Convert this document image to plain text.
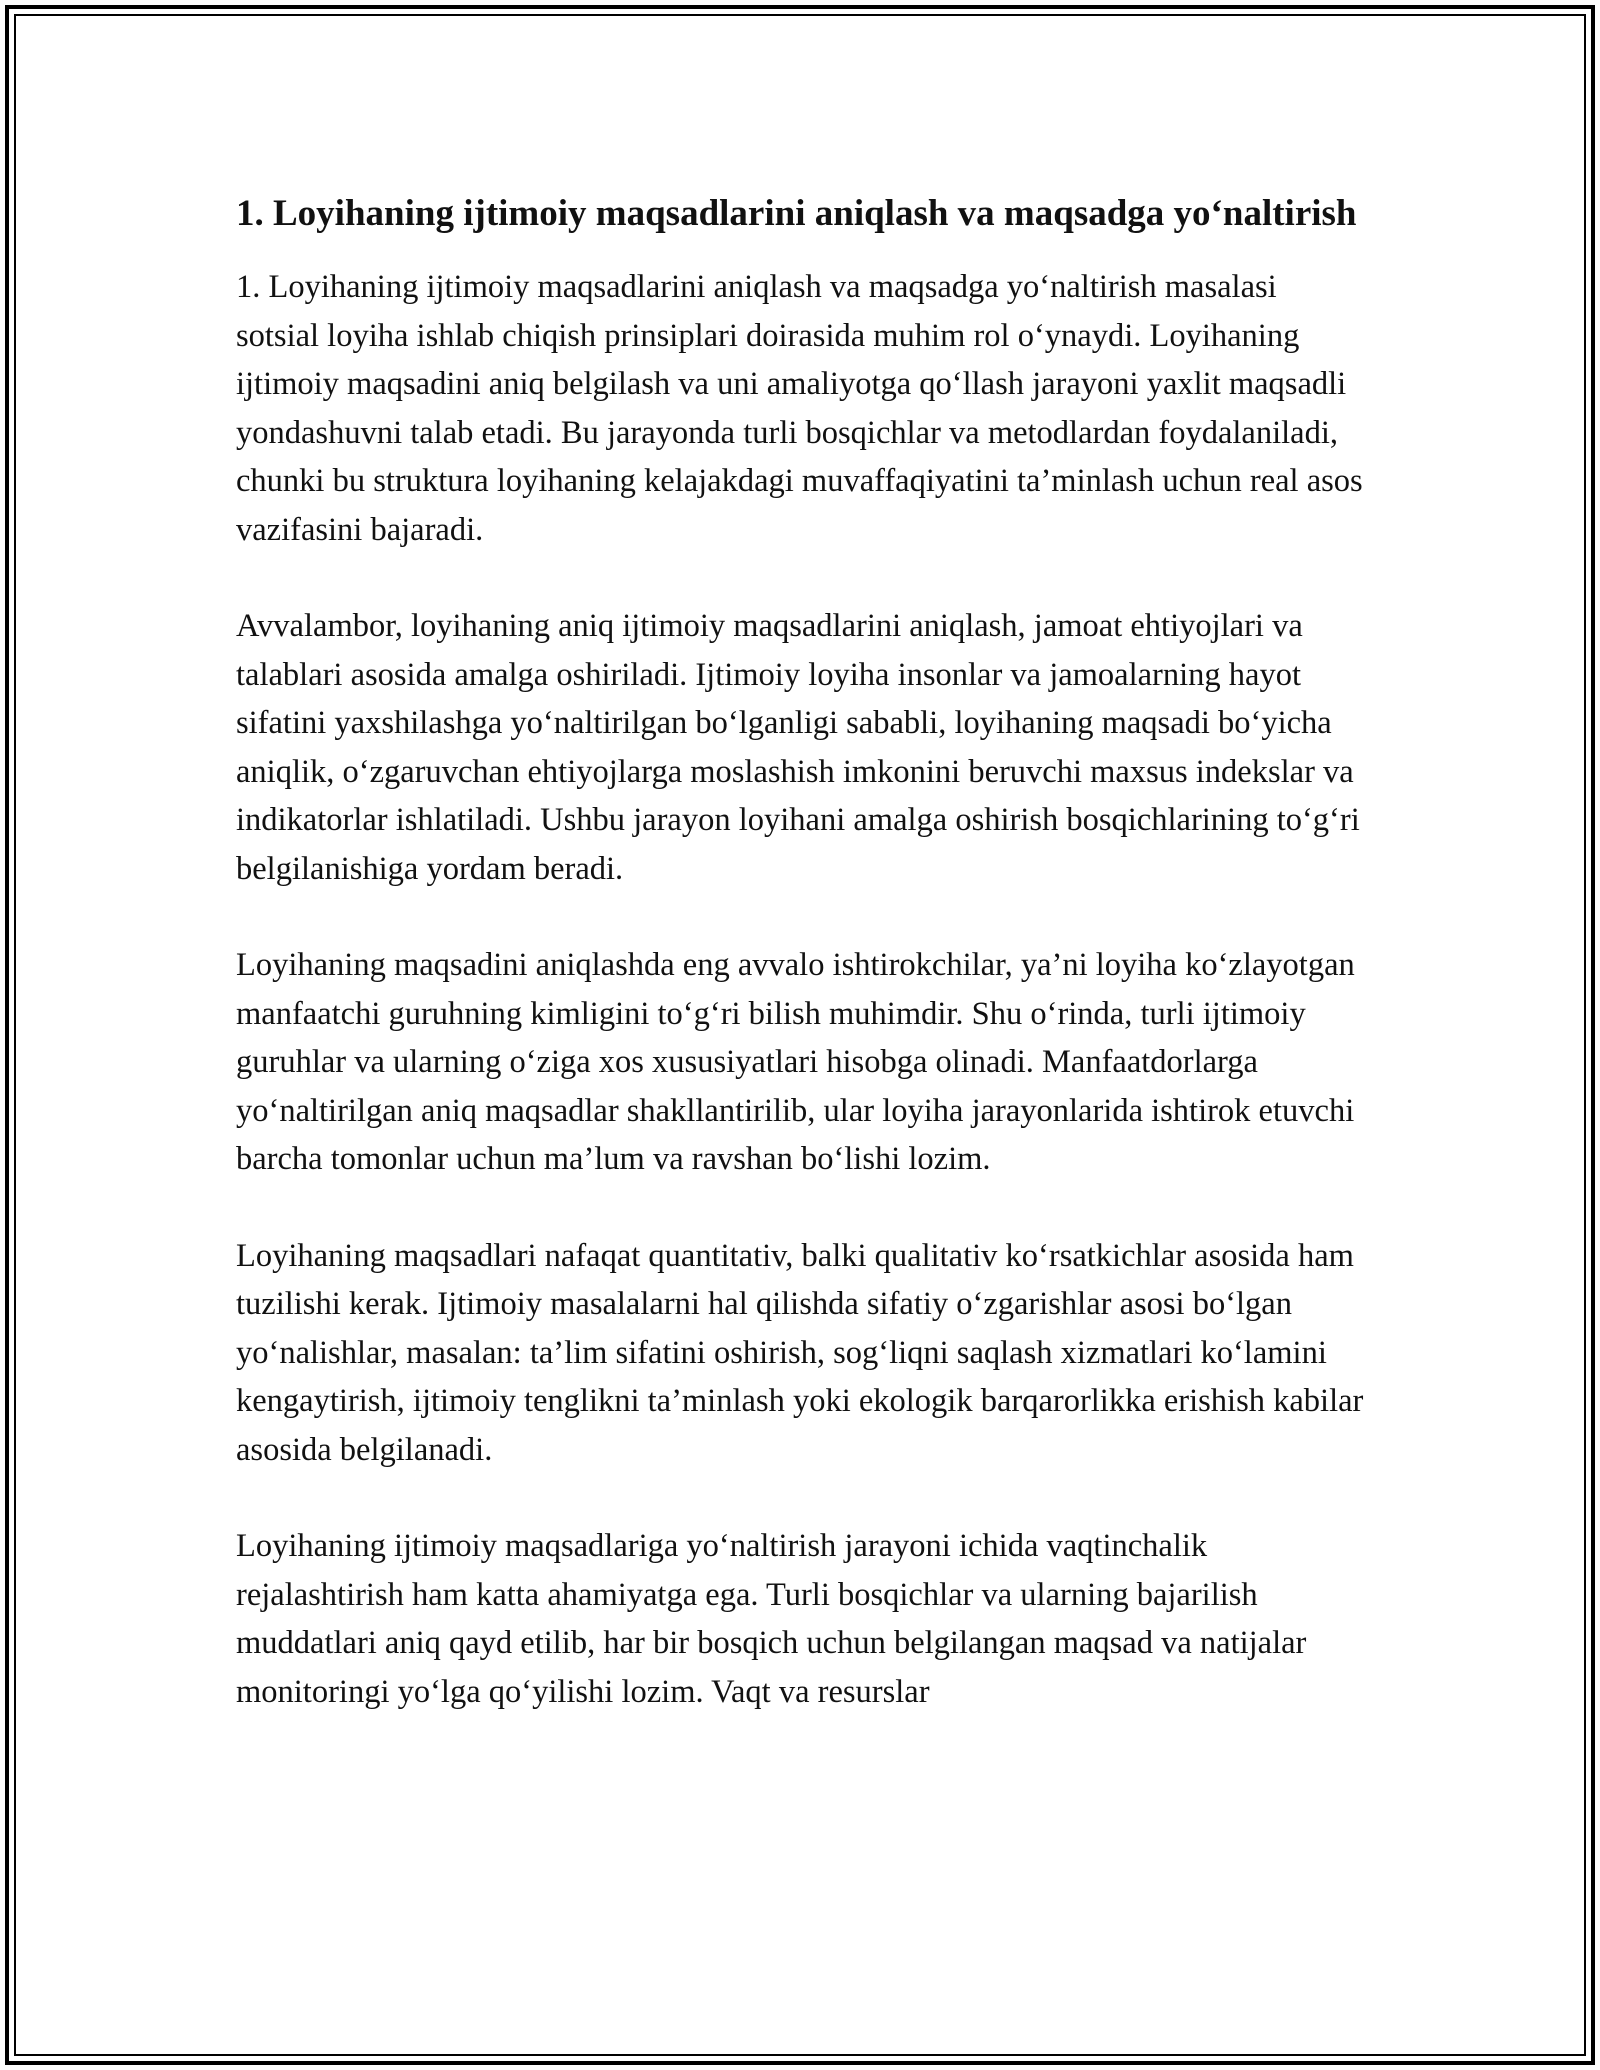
1. Loyihaning ijtimoiy maqsadlarini aniqlash va maqsadga yo‘naltirish

1. Loyihaning ijtimoiy maqsadlarini aniqlash va maqsadga yo‘naltirish masalasi sotsial loyiha ishlab chiqish prinsiplari doirasida muhim rol o‘ynaydi. Loyihaning ijtimoiy maqsadini aniq belgilash va uni amaliyotga qo‘llash jarayoni yaxlit maqsadli yondashuvni talab etadi. Bu jarayonda turli bosqichlar va metodlardan foydalaniladi, chunki bu struktura loyihaning kelajakdagi muvaffaqiyatini ta’minlash uchun real asos vazifasini bajaradi.

Avvalambor, loyihaning aniq ijtimoiy maqsadlarini aniqlash, jamoat ehtiyojlari va talablari asosida amalga oshiriladi. Ijtimoiy loyiha insonlar va jamoalarning hayot sifatini yaxshilashga yo‘naltirilgan bo‘lganligi sababli, loyihaning maqsadi bo‘yicha aniqlik, o‘zgaruvchan ehtiyojlarga moslashish imkonini beruvchi maxsus indekslar va indikatorlar ishlatiladi. Ushbu jarayon loyihani amalga oshirish bosqichlarining to‘g‘ri belgilanishiga yordam beradi.

Loyihaning maqsadini aniqlashda eng avvalo ishtirokchilar, ya’ni loyiha ko‘zlayotgan manfaatchi guruhning kimligini to‘g‘ri bilish muhimdir. Shu o‘rinda, turli ijtimoiy guruhlar va ularning o‘ziga xos xususiyatlari hisobga olinadi. Manfaatdorlarga yo‘naltirilgan aniq maqsadlar shakllantirilib, ular loyiha jarayonlarida ishtirok etuvchi barcha tomonlar uchun ma’lum va ravshan bo‘lishi lozim.

Loyihaning maqsadlari nafaqat quantitativ, balki qualitativ ko‘rsatkichlar asosida ham tuzilishi kerak. Ijtimoiy masalalarni hal qilishda sifatiy o‘zgarishlar asosi bo‘lgan yo‘nalishlar, masalan: ta’lim sifatini oshirish, sog‘liqni saqlash xizmatlari ko‘lamini kengaytirish, ijtimoiy tenglikni ta’minlash yoki ekologik barqarorlikka erishish kabilar asosida belgilanadi.

Loyihaning ijtimoiy maqsadlariga yo‘naltirish jarayoni ichida vaqtinchalik rejalashtirish ham katta ahamiyatga ega. Turli bosqichlar va ularning bajarilish muddatlari aniq qayd etilib, har bir bosqich uchun belgilangan maqsad va natijalar monitoringi yo‘lga qo‘yilishi lozim. Vaqt va resurslar
